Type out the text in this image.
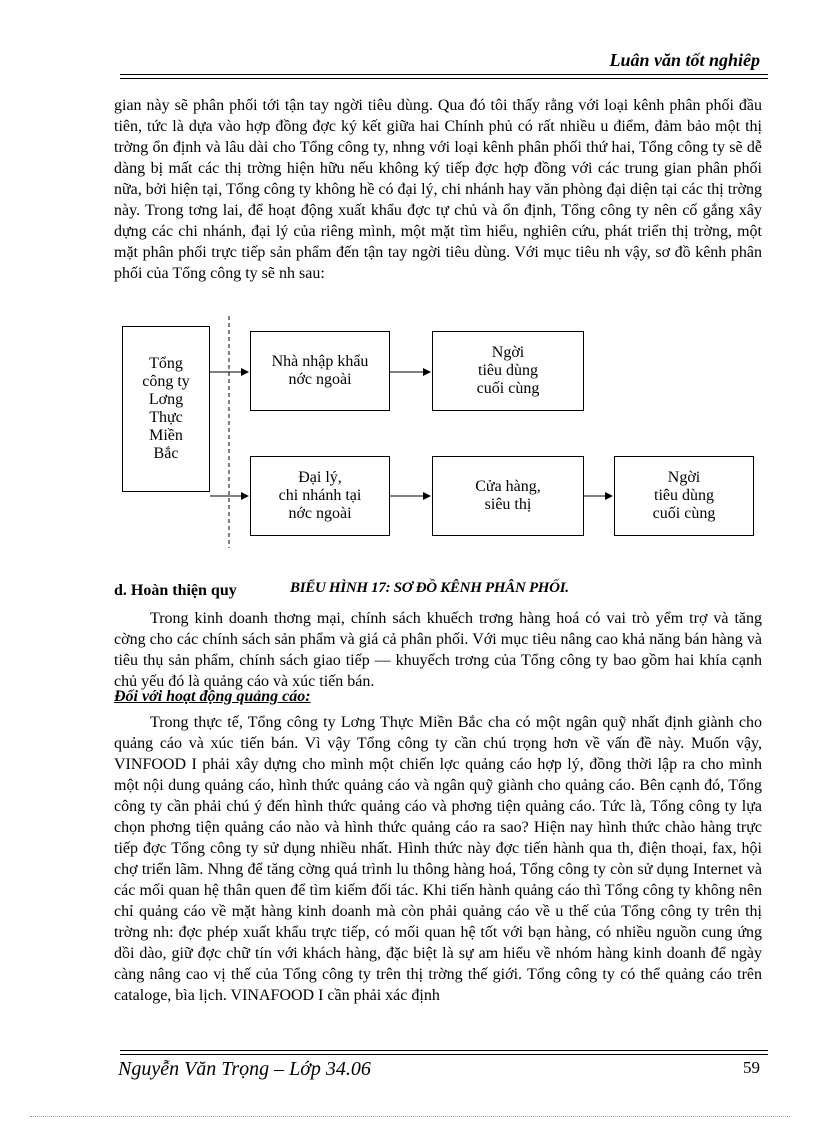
Luân văn tốt nghiêp
gian này sẽ phân phối tới tận tay ngời tiêu dùng. Qua đó tôi thấy rằng với loại kênh phân phối đầu tiên, tức là dựa vào hợp đồng đợc ký kết giữa hai Chính phủ có rất nhiều u điểm, đảm bảo một thị trờng ổn định và lâu dài cho Tổng công ty, nhng với loại kênh phân phối thứ hai, Tổng công ty sẽ dễ dàng bị mất các thị trờng hiện hữu nếu không ký tiếp đợc hợp đồng với các trung gian phân phối nữa, bởi hiện tại, Tổng công ty không hề có đại lý, chi nhánh hay văn phòng đại diện tại các thị trờng này. Trong tơng lai, để hoạt động xuất khẩu đợc tự chủ và ổn định, Tổng công ty nên cố gắng xây dựng các chi nhánh, đại lý của riêng mình, một mặt tìm hiểu, nghiên cứu, phát triển thị trờng, một mặt phân phối trực tiếp sản phẩm đến tận tay ngời tiêu dùng. Với mục tiêu nh vậy, sơ đồ kênh phân phối của Tổng công ty sẽ nh sau:
Tổng
công ty
Lơng
Thực
Miền
Bắc
Nhà nhập khẩu
nớc ngoài
Ngời
tiêu dùng
cuối cùng
Đại lý,
chi nhánh tại
nớc ngoài
Cửa hàng,
siêu thị
Ngời
tiêu dùng
cuối cùng
d. Hoàn thiện quy	BIỂU HÌNH 17: SƠ ĐỒ KÊNH PHÂN PHỐI.
Trong kinh doanh thơng mại, chính sách khuếch trơng hàng hoá có vai trò yểm trợ và tăng cờng cho các chính sách sản phẩm và giá cả phân phối. Với mục tiêu nâng cao khả năng bán hàng và tiêu thụ sản phẩm, chính sách giao tiếp — khuyếch trơng của Tổng công ty bao gồm hai khía cạnh chủ yếu đó là quảng cáo và xúc tiến bán.
Đối với hoạt động quảng cáo:
Trong thực tế, Tổng công ty Lơng Thực Miền Bắc cha có một ngân quỹ nhất định giành cho quảng cáo và xúc tiến bán. Vì vậy Tổng công ty cần chú trọng hơn về vấn đề này. Muốn vậy, VINFOOD I phải xây dựng cho mình một chiến lợc quảng cáo hợp lý, đồng thời lập ra cho mình một nội dung quảng cáo, hình thức quảng cáo và ngân quỹ giành cho quảng cáo. Bên cạnh đó, Tổng công ty cần phải chú ý đến hình thức quảng cáo và phơng tiện quảng cáo. Tức là, Tổng công ty lựa chọn phơng tiện quảng cáo nào và hình thức quảng cáo ra sao? Hiện nay hình thức chào hàng trực tiếp đợc Tổng công ty sử dụng nhiều nhất. Hình thức này đợc tiến hành qua th, điện thoại, fax, hội chợ triển lãm. Nhng để tăng cờng quá trình lu thông hàng hoá, Tổng công ty còn sử dụng Internet và các mối quan hệ thân quen để tìm kiếm đối tác. Khi tiến hành quảng cáo thì Tổng công ty không nên chỉ quảng cáo về mặt hàng kinh doanh mà còn phải quảng cáo về u thế của Tổng công ty trên thị trờng nh: đợc phép xuất khẩu trực tiếp, có mối quan hệ tốt với bạn hàng, có nhiều nguồn cung ứng dồi dào, giữ đợc chữ tín với khách hàng, đặc biệt là sự am hiểu về nhóm hàng kinh doanh để ngày càng nâng cao vị thế của Tổng công ty trên thị trờng thế giới. Tổng công ty có thể quảng cáo trên cataloge, bìa lịch. VINAFOOD I cần phải xác định
Nguyễn Văn Trọng – Lớp 34.06	59
